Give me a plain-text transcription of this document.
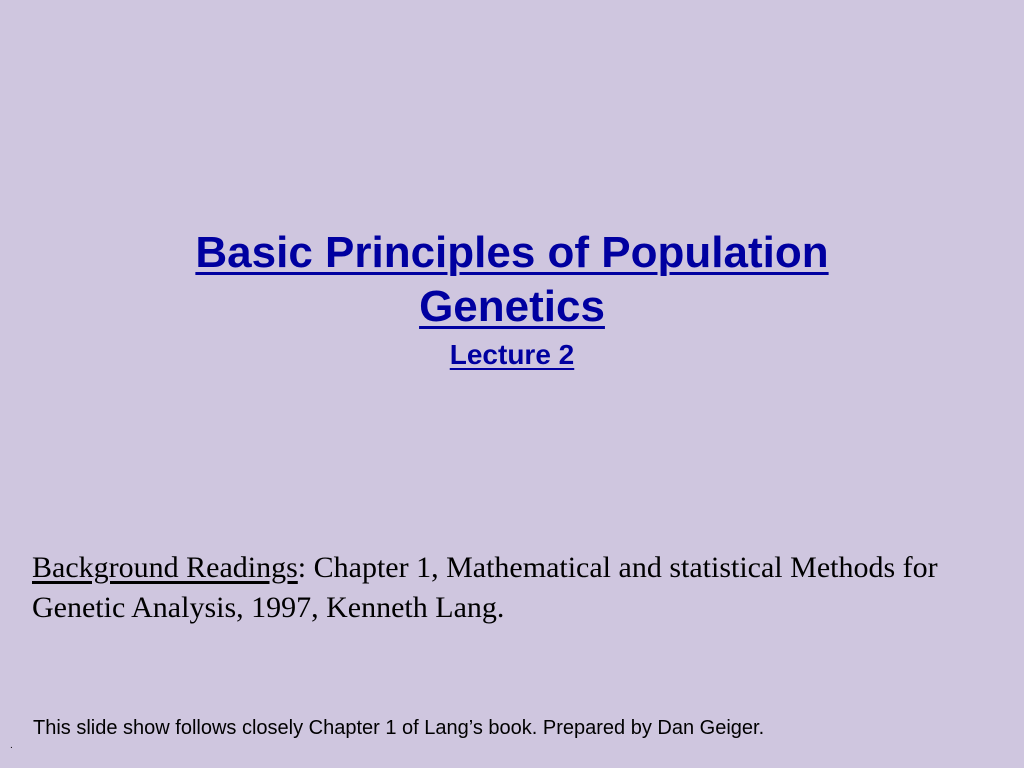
Basic Principles of Population
Genetics
Lecture 2
Background Readings: Chapter 1, Mathematical and statistical Methods for Genetic Analysis, 1997, Kenneth Lang.
This slide show follows closely Chapter 1 of Lang’s book. Prepared by Dan Geiger.
.
